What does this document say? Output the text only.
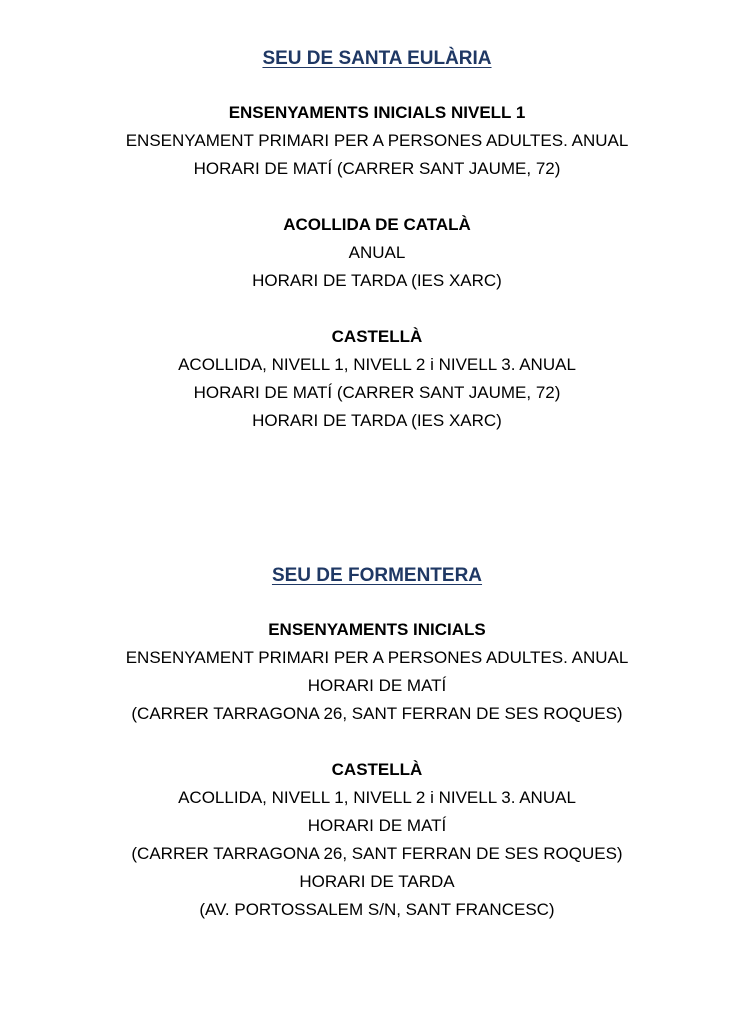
SEU DE SANTA EULÀRIA

ENSENYAMENTS INICIALS NIVELL 1

ENSENYAMENT PRIMARI PER A PERSONES ADULTES. ANUAL

HORARI DE MATÍ (CARRER SANT JAUME, 72)

ACOLLIDA DE CATALÀ

ANUAL

HORARI DE TARDA (IES XARC)

CASTELLÀ

ACOLLIDA, NIVELL 1, NIVELL 2 i NIVELL 3. ANUAL

HORARI DE MATÍ (CARRER SANT JAUME, 72)

HORARI DE TARDA (IES XARC)

SEU DE FORMENTERA

ENSENYAMENTS INICIALS

ENSENYAMENT PRIMARI PER A PERSONES ADULTES. ANUAL

HORARI DE MATÍ

(CARRER TARRAGONA 26, SANT FERRAN DE SES ROQUES)

CASTELLÀ

ACOLLIDA, NIVELL 1, NIVELL 2 i NIVELL 3. ANUAL

HORARI DE MATÍ

(CARRER TARRAGONA 26, SANT FERRAN DE SES ROQUES)

HORARI DE TARDA

(AV. PORTOSSALEM S/N, SANT FRANCESC)
